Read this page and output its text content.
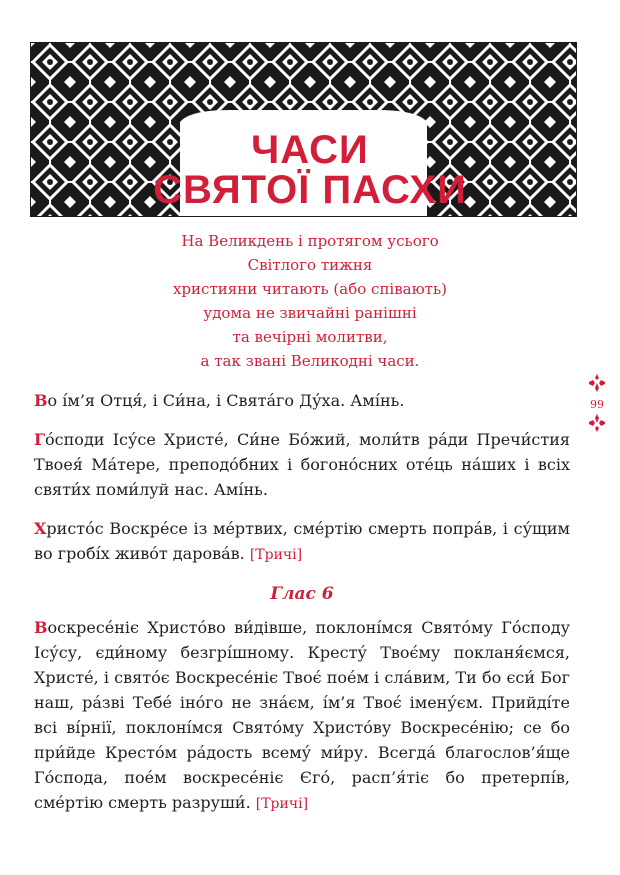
ЧАСИ
СВЯТОЇ ПАСХИ
На Великдень і протягом усього
Світлого тижня
християни читають (або співають)
удома не звичайні ранішні
та вечірні молитви,
а так звані Великодні часи.

Во і́м’я Отця́, і Си́на, і Свята́го Ду́ха. Амі́нь.

Го́споди Ісу́се Христе́, Си́не Бо́жий, моли́тв ра́ди Пречи́стия Твоея́ Ма́тере, преподо́бних і богоно́сних оте́ць на́ших і всіх святи́х поми́луй нас. Амі́нь.

Христо́с Воскре́се із ме́ртвих, сме́ртію смерть попра́в, і су́щим во гробі́х живо́т дарова́в. [Тричі]

Глас 6

Воскресе́ніє Христо́во ви́дівше, поклоні́мся Свято́му Го́споду Ісу́су, єди́ному безгрі́шному. Кресту́ Твоє́му покланя́ємся, Христе́, і свято́є Воскресе́ніє Твоє́ пое́м і сла́вим, Ти бо єси́ Бог наш, ра́зві Тебе́ іно́го не зна́єм, і́м’я Твоє́ імену́єм. Прийді́те всі ві́рнії, поклоні́мся Свято́му Христо́ву Воскресе́нію; се бо при́йде Кресто́м ра́дость всему́ ми́ру. Всегда́ благослов’я́ще Го́спода, пое́м воскресе́ніє Єго́, расп’я́тіє бо претерпі́в, сме́ртію смерть разруши́. [Тричі]

99
